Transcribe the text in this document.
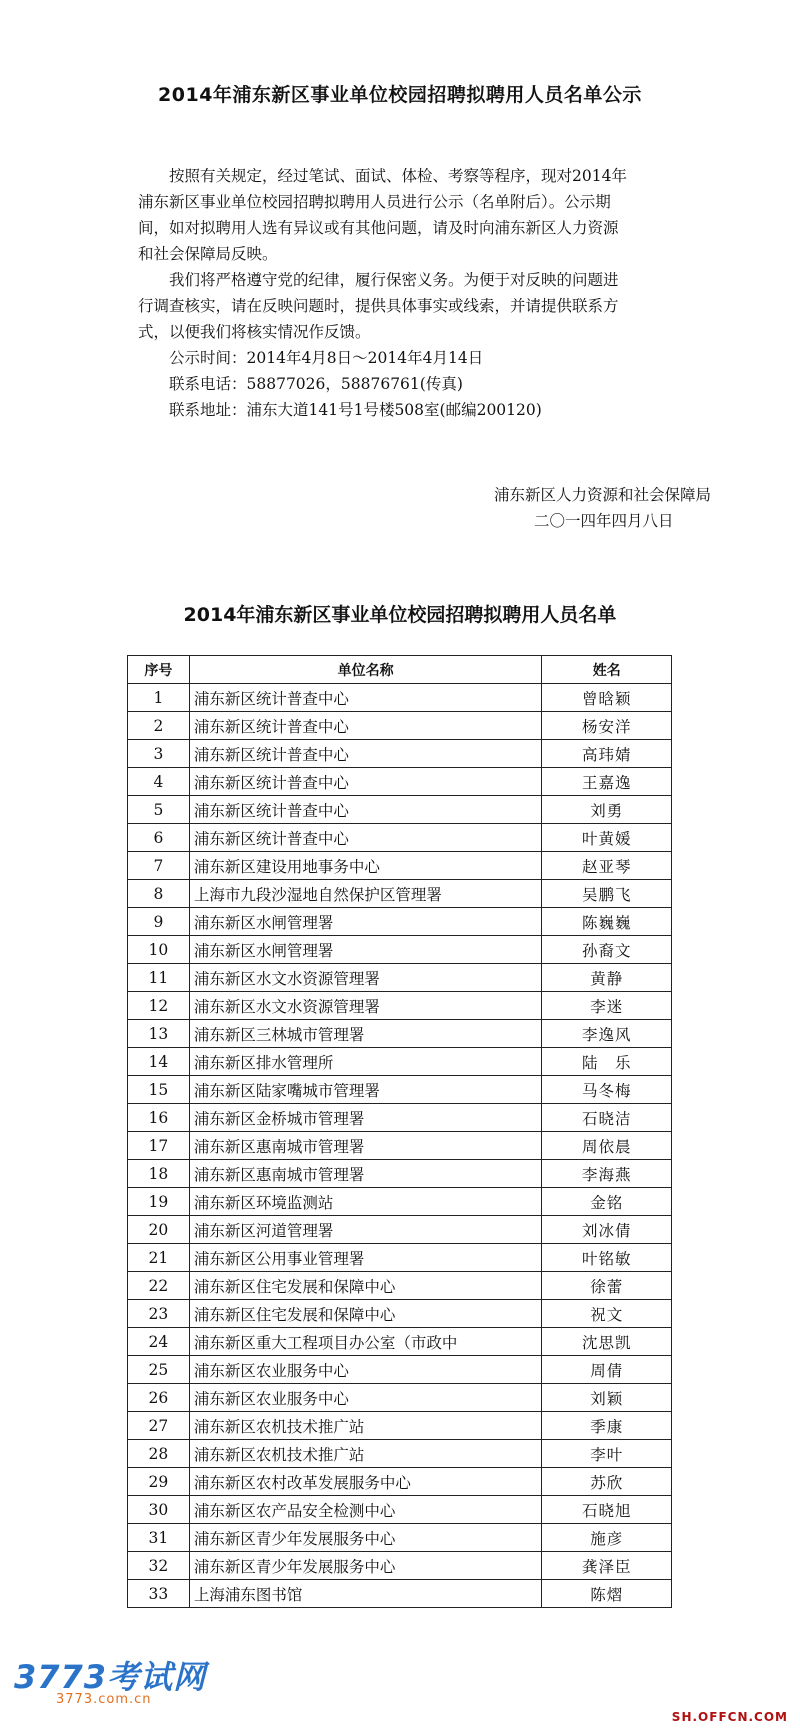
2014年浦东新区事业单位校园招聘拟聘用人员名单公示
按照有关规定，经过笔试、面试、体检、考察等程序，现对2014年
浦东新区事业单位校园招聘拟聘用人员进行公示（名单附后）。公示期
间，如对拟聘用人选有异议或有其他问题，请及时向浦东新区人力资源
和社会保障局反映。
我们将严格遵守党的纪律，履行保密义务。为便于对反映的问题进
行调查核实，请在反映问题时，提供具体事实或线索，并请提供联系方
式，以便我们将核实情况作反馈。
公示时间：2014年4月8日～2014年4月14日
联系电话：58877026，58876761(传真)
联系地址：浦东大道141号1号楼508室(邮编200120)
浦东新区人力资源和社会保障局
二〇一四年四月八日
2014年浦东新区事业单位校园招聘拟聘用人员名单
序号	单位名称	姓名
1	浦东新区统计普查中心	曾晗颖
2	浦东新区统计普查中心	杨安洋
3	浦东新区统计普查中心	高玮婧
4	浦东新区统计普查中心	王嘉逸
5	浦东新区统计普查中心	刘勇
6	浦东新区统计普查中心	叶黄媛
7	浦东新区建设用地事务中心	赵亚琴
8	上海市九段沙湿地自然保护区管理署	吴鹏飞
9	浦东新区水闸管理署	陈巍巍
10	浦东新区水闸管理署	孙裔文
11	浦东新区水文水资源管理署	黄静
12	浦东新区水文水资源管理署	李迷
13	浦东新区三林城市管理署	李逸风
14	浦东新区排水管理所	陆　乐
15	浦东新区陆家嘴城市管理署	马冬梅
16	浦东新区金桥城市管理署	石晓洁
17	浦东新区惠南城市管理署	周依晨
18	浦东新区惠南城市管理署	李海燕
19	浦东新区环境监测站	金铭
20	浦东新区河道管理署	刘冰倩
21	浦东新区公用事业管理署	叶铭敏
22	浦东新区住宅发展和保障中心	徐蕾
23	浦东新区住宅发展和保障中心	祝文
24	浦东新区重大工程项目办公室（市政中	沈思凯
25	浦东新区农业服务中心	周倩
26	浦东新区农业服务中心	刘颖
27	浦东新区农机技术推广站	季康
28	浦东新区农机技术推广站	李叶
29	浦东新区农村改革发展服务中心	苏欣
30	浦东新区农产品安全检测中心	石晓旭
31	浦东新区青少年发展服务中心	施彦
32	浦东新区青少年发展服务中心	龚泽臣
33	上海浦东图书馆	陈熠
3773考试网
3773.com.cn
SH.OFFCN.COM
